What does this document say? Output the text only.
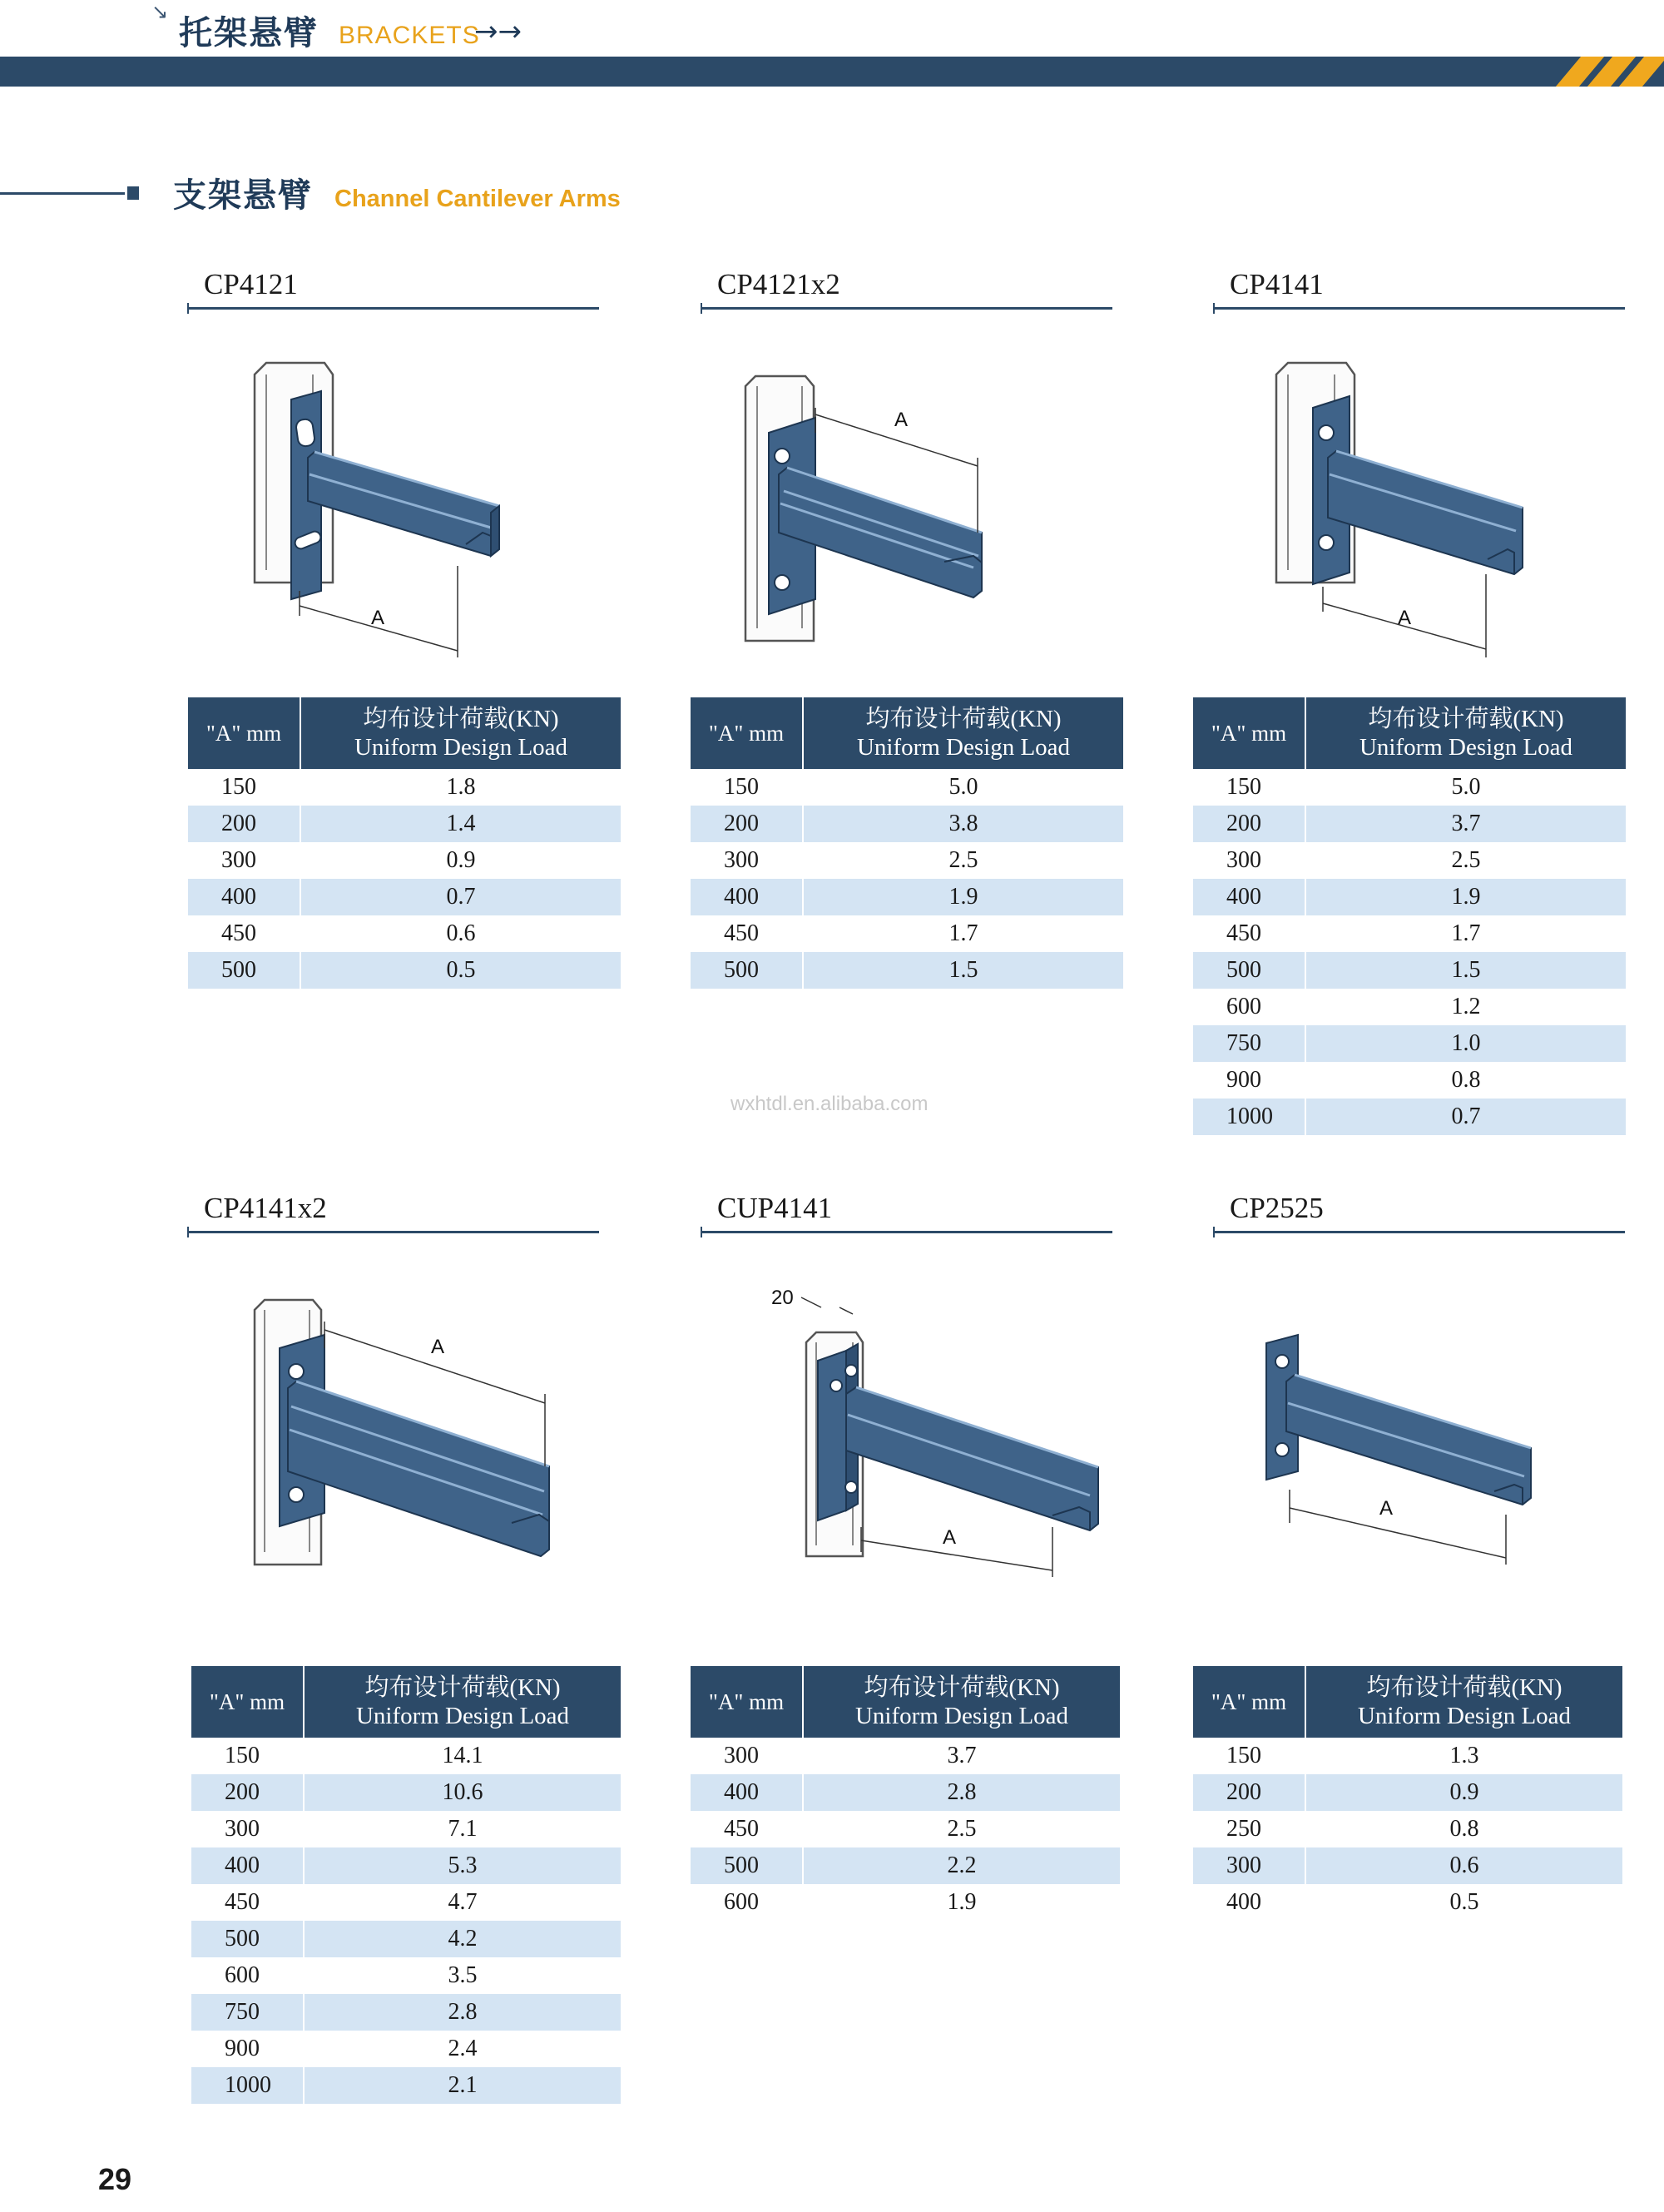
↘
托架悬臂 BRACKETS
→→
支架悬臂 Channel Cantilever Arms
CP4121	CP4121x2	CP4141
CP4141x2	CUP4141	CP2525
A
A
A
A
20
A
A
"A" mm	均布设计荷载(KN)
Uniform Design Load

150	1.8
200	1.4
300	0.9
400	0.7
450	0.6
500	0.5
"A" mm	均布设计荷载(KN)
Uniform Design Load

150	5.0
200	3.8
300	2.5
400	1.9
450	1.7
500	1.5
"A" mm	均布设计荷载(KN)
Uniform Design Load

150	5.0
200	3.7
300	2.5
400	1.9
450	1.7
500	1.5
600	1.2
750	1.0
900	0.8
1000	0.7
"A" mm	均布设计荷载(KN)
Uniform Design Load

150	14.1
200	10.6
300	7.1
400	5.3
450	4.7
500	4.2
600	3.5
750	2.8
900	2.4
1000	2.1
"A" mm	均布设计荷载(KN)
Uniform Design Load

300	3.7
400	2.8
450	2.5
500	2.2
600	1.9
"A" mm	均布设计荷载(KN)
Uniform Design Load

150	1.3
200	0.9
250	0.8
300	0.6
400	0.5
wxhtdl.en.alibaba.com
29
